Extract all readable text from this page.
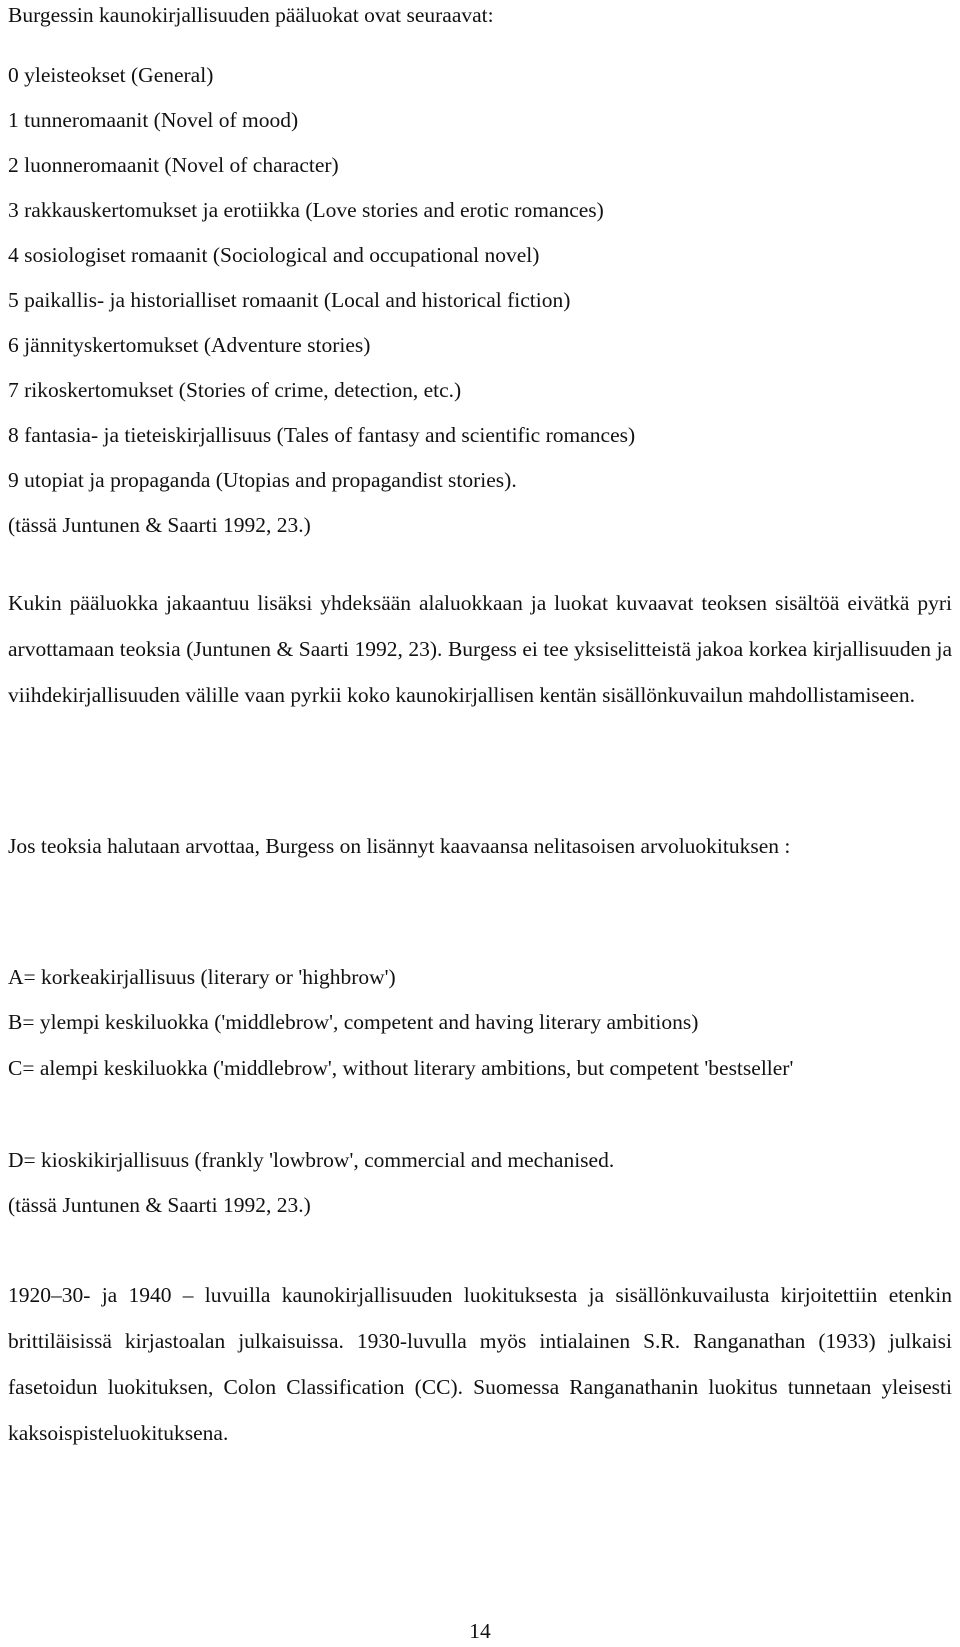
Burgessin kaunokirjallisuuden pääluokat ovat seuraavat:
0 yleisteokset (General)
1 tunneromaanit (Novel of mood)
2 luonneromaanit (Novel of character)
3 rakkauskertomukset ja erotiikka (Love stories and erotic romances)
4 sosiologiset romaanit (Sociological and occupational novel)
5 paikallis- ja historialliset romaanit (Local and historical fiction)
6 jännityskertomukset (Adventure stories)
7 rikoskertomukset (Stories of crime, detection, etc.)
8 fantasia- ja tieteiskirjallisuus (Tales of fantasy and scientific romances)
9 utopiat ja propaganda (Utopias and propagandist stories).
(tässä Juntunen & Saarti 1992, 23.)
Kukin pääluokka jakaantuu lisäksi yhdeksään alaluokkaan ja luokat kuvaavat teoksen sisältöä eivätkä pyri arvottamaan teoksia (Juntunen & Saarti 1992, 23). Burgess ei tee yksiselitteistä jakoa korkea kirjallisuuden ja viihdekirjallisuuden välille vaan pyrkii koko kaunokirjallisen kentän sisällönkuvailun mahdollistamiseen.
Jos teoksia halutaan arvottaa, Burgess on lisännyt kaavaansa nelitasoisen arvoluokituksen :
A= korkeakirjallisuus (literary or 'highbrow')
B= ylempi keskiluokka ('middlebrow', competent and having literary ambitions)
C= alempi keskiluokka ('middlebrow', without literary ambitions, but competent 'bestseller'
D= kioskikirjallisuus (frankly 'lowbrow', commercial and mechanised.
(tässä Juntunen & Saarti 1992, 23.)
1920–30- ja 1940 – luvuilla kaunokirjallisuuden luokituksesta ja sisällönkuvailusta kirjoitettiin etenkin brittiläisissä kirjastoalan julkaisuissa. 1930-luvulla myös intialainen S.R. Ranganathan (1933) julkaisi fasetoidun luokituksen, Colon Classification (CC). Suomessa Ranganathanin luokitus tunnetaan yleisesti kaksoispisteluokituksena.
14
